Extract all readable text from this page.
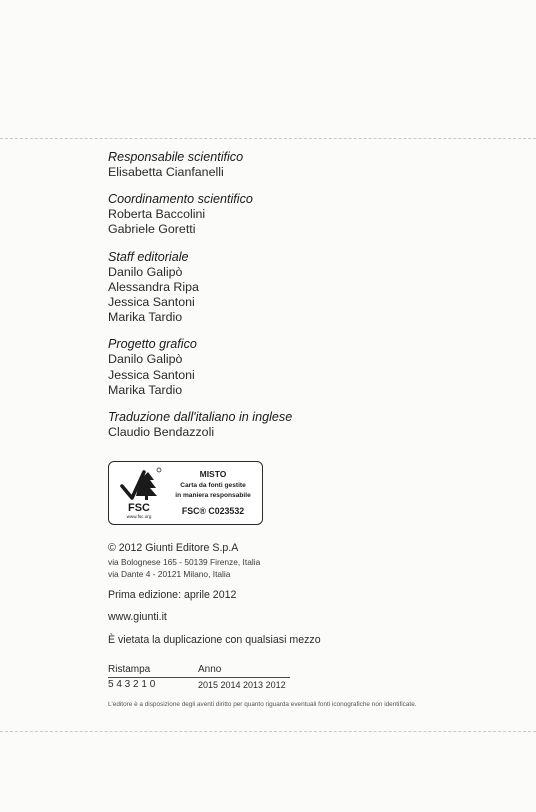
Responsabile scientifico
Elisabetta Cianfanelli
Coordinamento scientifico
Roberta Baccolini
Gabriele Goretti
Staff editoriale
Danilo Galipò
Alessandra Ripa
Jessica Santoni
Marika Tardio
Progetto grafico
Danilo Galipò
Jessica Santoni
Marika Tardio
Traduzione dall'italiano in inglese
Claudio Bendazzoli
FSC
www.fsc.org
MISTO
Carta da fonti gestite
in maniera responsabile
FSC® C023532
© 2012 Giunti Editore S.p.A
via Bolognese 165 - 50139 Firenze, Italia
via Dante 4 - 20121 Milano, Italia
Prima edizione: aprile 2012
www.giunti.it
È vietata la duplicazione con qualsiasi mezzo
Ristampa	Anno
5 4 3 2 1 0	2015 2014 2013 2012
L'editore è a disposizione degli aventi diritto per quanto riguarda eventuali fonti iconografiche non identificate.
